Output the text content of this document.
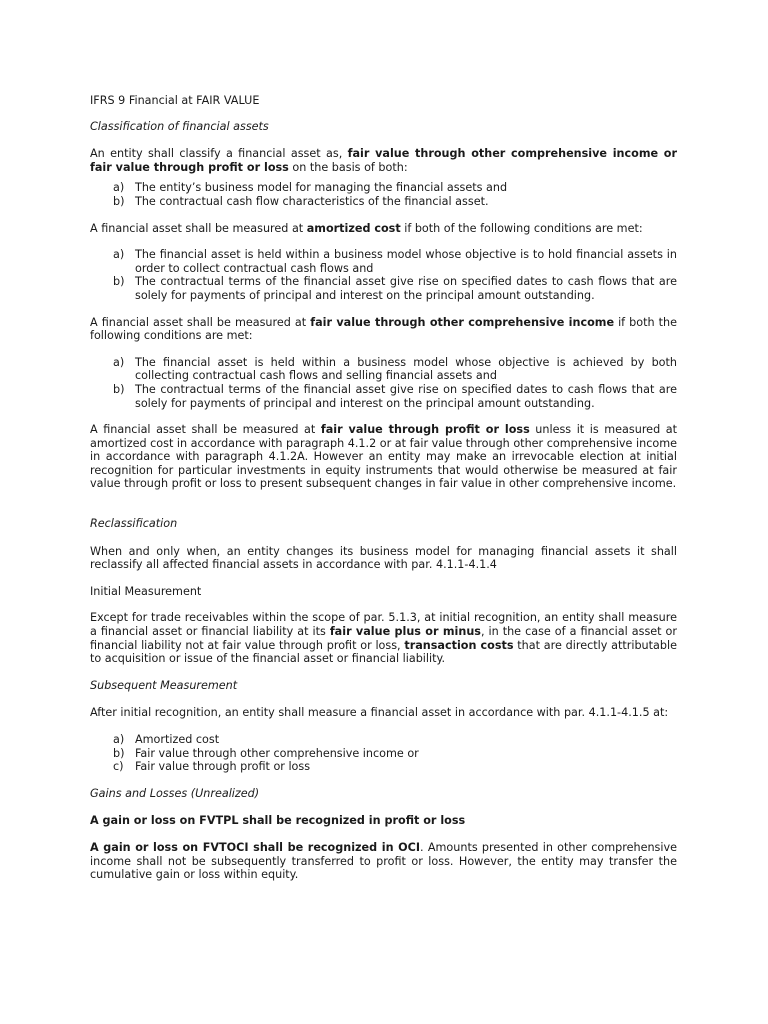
IFRS 9 Financial at FAIR VALUE

Classification of financial assets

An entity shall classify a financial asset as, fair value through other comprehensive income or fair value through profit or loss on the basis of both:

a) The entity’s business model for managing the financial assets and
b) The contractual cash flow characteristics of the financial asset.

A financial asset shall be measured at amortized cost if both of the following conditions are met:

a) The financial asset is held within a business model whose objective is to hold financial assets in order to collect contractual cash flows and
b) The contractual terms of the financial asset give rise on specified dates to cash flows that are solely for payments of principal and interest on the principal amount outstanding.

A financial asset shall be measured at fair value through other comprehensive income if both the following conditions are met:

a) The financial asset is held within a business model whose objective is achieved by both collecting contractual cash flows and selling financial assets and
b) The contractual terms of the financial asset give rise on specified dates to cash flows that are solely for payments of principal and interest on the principal amount outstanding.

A financial asset shall be measured at fair value through profit or loss unless it is measured at amortized cost in accordance with paragraph 4.1.2 or at fair value through other comprehensive income in accordance with paragraph 4.1.2A. However an entity may make an irrevocable election at initial recognition for particular investments in equity instruments that would otherwise be measured at fair value through profit or loss to present subsequent changes in fair value in other comprehensive income.

Reclassification

When and only when, an entity changes its business model for managing financial assets it shall reclassify all affected financial assets in accordance with par. 4.1.1-4.1.4

Initial Measurement

Except for trade receivables within the scope of par. 5.1.3, at initial recognition, an entity shall measure a financial asset or financial liability at its fair value plus or minus, in the case of a financial asset or financial liability not at fair value through profit or loss, transaction costs that are directly attributable to acquisition or issue of the financial asset or financial liability.

Subsequent Measurement

After initial recognition, an entity shall measure a financial asset in accordance with par. 4.1.1-4.1.5 at:

a) Amortized cost
b) Fair value through other comprehensive income or
c) Fair value through profit or loss

Gains and Losses (Unrealized)

A gain or loss on FVTPL shall be recognized in profit or loss

A gain or loss on FVTOCI shall be recognized in OCI. Amounts presented in other comprehensive income shall not be subsequently transferred to profit or loss. However, the entity may transfer the cumulative gain or loss within equity.
